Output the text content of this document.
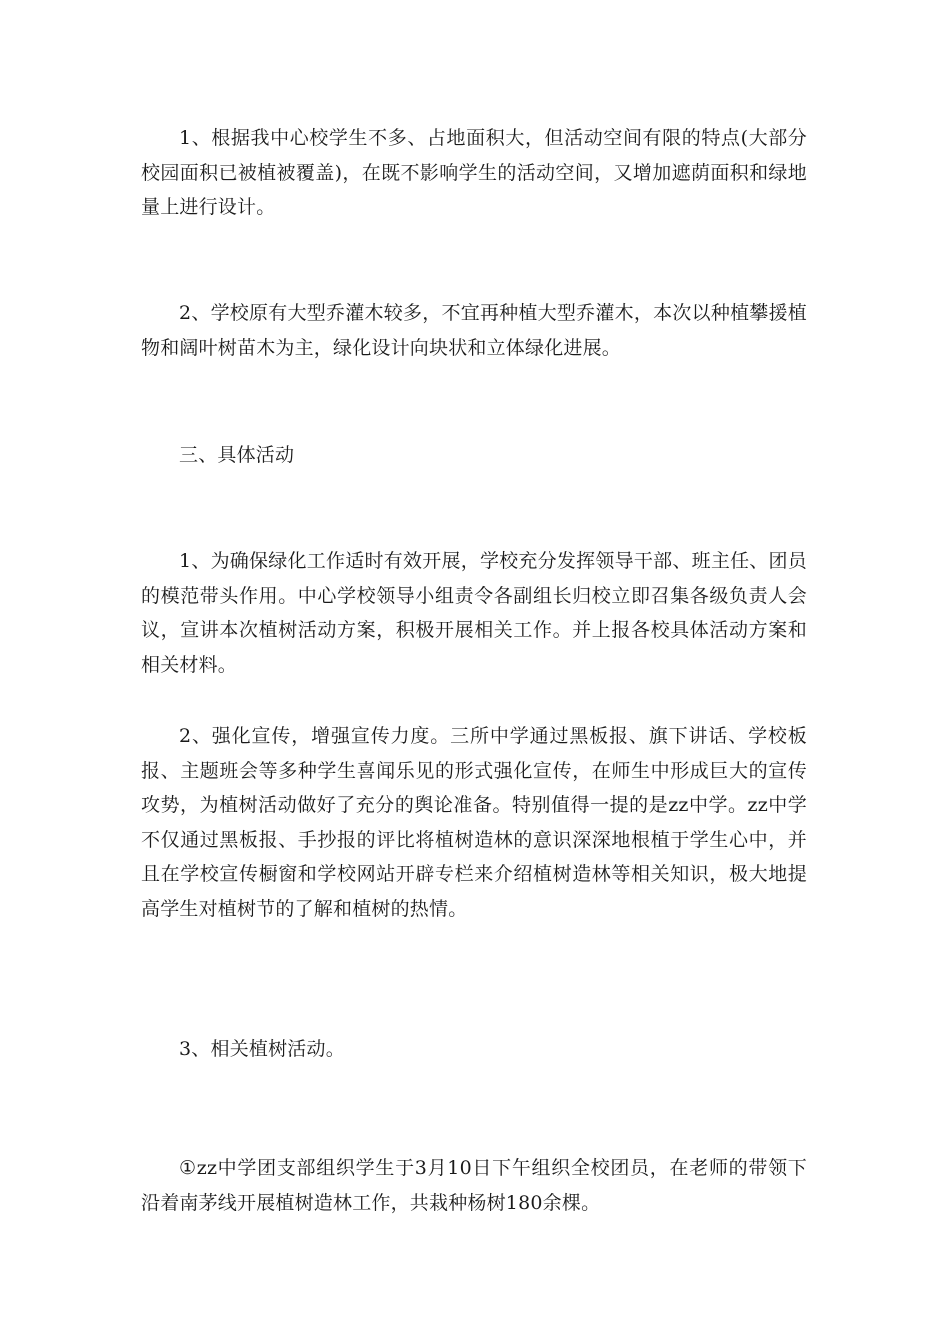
1、根据我中心校学生不多、占地面积大，但活动空间有限的特点(大部分校园面积已被植被覆盖)，在既不影响学生的活动空间，又增加遮荫面积和绿地量上进行设计。

2、学校原有大型乔灌木较多，不宜再种植大型乔灌木，本次以种植攀援植物和阔叶树苗木为主，绿化设计向块状和立体绿化进展。

三、具体活动

1、为确保绿化工作适时有效开展，学校充分发挥领导干部、班主任、团员的模范带头作用。中心学校领导小组责令各副组长归校立即召集各级负责人会议，宣讲本次植树活动方案，积极开展相关工作。并上报各校具体活动方案和相关材料。

2、强化宣传，增强宣传力度。三所中学通过黑板报、旗下讲话、学校板报、主题班会等多种学生喜闻乐见的形式强化宣传，在师生中形成巨大的宣传攻势，为植树活动做好了充分的舆论准备。特别值得一提的是zz中学。zz中学不仅通过黑板报、手抄报的评比将植树造林的意识深深地根植于学生心中，并且在学校宣传橱窗和学校网站开辟专栏来介绍植树造林等相关知识，极大地提高学生对植树节的了解和植树的热情。

3、相关植树活动。

①zz中学团支部组织学生于3月10日下午组织全校团员，在老师的带领下沿着南茅线开展植树造林工作，共栽种杨树180余棵。
